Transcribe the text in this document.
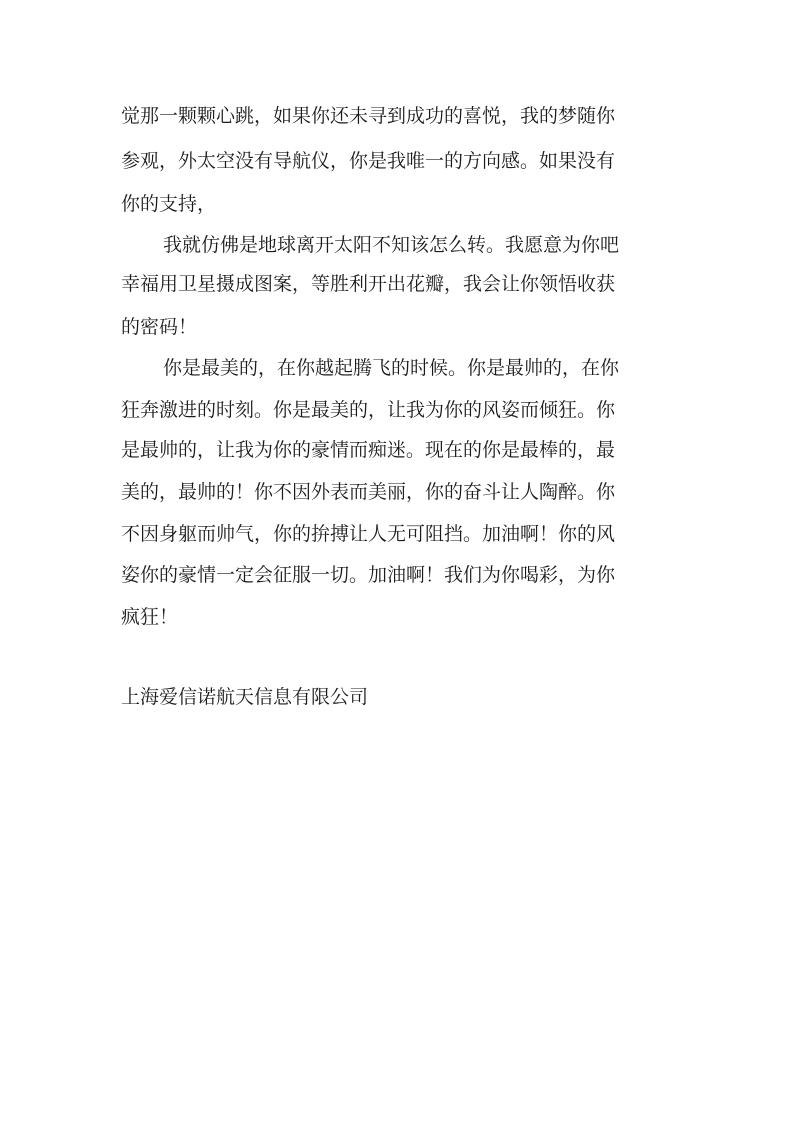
觉那一颗颗心跳，如果你还未寻到成功的喜悦，我的梦随你
参观，外太空没有导航仪，你是我唯一的方向感。如果没有
你的支持，
我就仿佛是地球离开太阳不知该怎么转。我愿意为你吧
幸福用卫星摄成图案，等胜利开出花瓣，我会让你领悟收获
的密码！
你是最美的，在你越起腾飞的时候。你是最帅的，在你
狂奔激进的时刻。你是最美的，让我为你的风姿而倾狂。你
是最帅的，让我为你的豪情而痴迷。现在的你是最棒的，最
美的，最帅的！你不因外表而美丽，你的奋斗让人陶醉。你
不因身躯而帅气，你的拚搏让人无可阻挡。加油啊！你的风
姿你的豪情一定会征服一切。加油啊！我们为你喝彩，为你
疯狂！
上海爱信诺航天信息有限公司
